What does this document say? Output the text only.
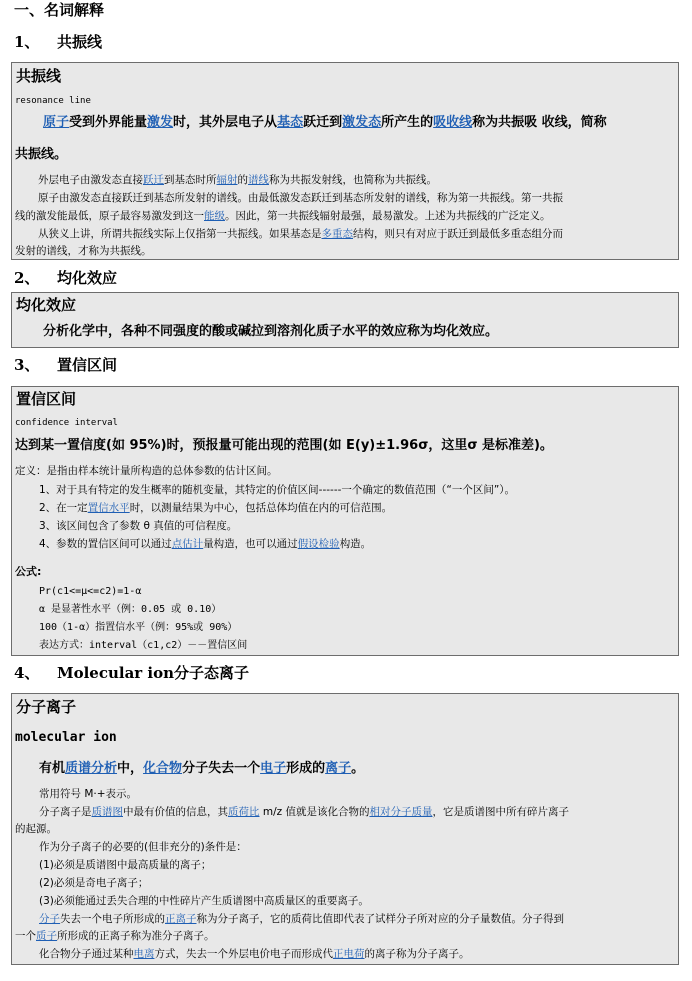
一、名词解释
1、 共振线
共振线
resonance line
原子受到外界能量激发时，其外层电子从基态跃迁到激发态所产生的吸收线称为共振吸 收线，简称
共振线。
外层电子由激发态直接跃迁到基态时所辐射的谱线称为共振发射线，也简称为共振线。
原子由激发态直接跃迁到基态所发射的谱线。由最低激发态跃迁到基态所发射的谱线，称为第一共振线。第一共振
线的激发能最低，原子最容易激发到这一能级。因此，第一共振线辐射最强，最易激发。上述为共振线的广泛定义。
从狭义上讲，所谓共振线实际上仅指第一共振线。如果基态是多重态结构，则只有对应于跃迁到最低多重态组分而
发射的谱线，才称为共振线。
2、 均化效应
均化效应
分析化学中，各种不同强度的酸或碱拉到溶剂化质子水平的效应称为均化效应。
3、 置信区间
置信区间
confidence interval
达到某一置信度(如 95%)时，预报量可能出现的范围(如 E(y)±1.96σ，这里σ 是标准差)。
定义：是指由样本统计量所构造的总体参数的估计区间。
1、对于具有特定的发生概率的随机变量，其特定的价值区间------一个确定的数值范围（“一个区间”）。
2、在一定置信水平时，以测量结果为中心，包括总体均值在内的可信范围。
3、该区间包含了参数 θ 真值的可信程度。
4、参数的置信区间可以通过点估计量构造，也可以通过假设检验构造。
公式:
Pr(c1<=μ<=c2)=1-α
α 是显著性水平（例：0.05 或 0.10）
100（1-α）指置信水平（例：95%或 90%）
表达方式：interval（c1,c2）－－置信区间
4、 Molecular ion分子态离子
分子离子
molecular ion
有机质谱分析中，化合物分子失去一个电子形成的离子。
常用符号 M·+表示。
分子离子是质谱图中最有价值的信息，其质荷比 m/z 值就是该化合物的相对分子质量，它是质谱图中所有碎片离子
的起源。
作为分子离子的必要的(但非充分的)条件是：
(1)必须是质谱图中最高质量的离子；
(2)必须是奇电子离子；
(3)必须能通过丢失合理的中性碎片产生质谱图中高质量区的重要离子。
分子失去一个电子所形成的正离子称为分子离子，它的质荷比值即代表了试样分子所对应的分子量数值。分子得到
一个质子所形成的正离子称为准分子离子。
化合物分子通过某种电离方式，失去一个外层电价电子而形成代正电荷的离子称为分子离子。
